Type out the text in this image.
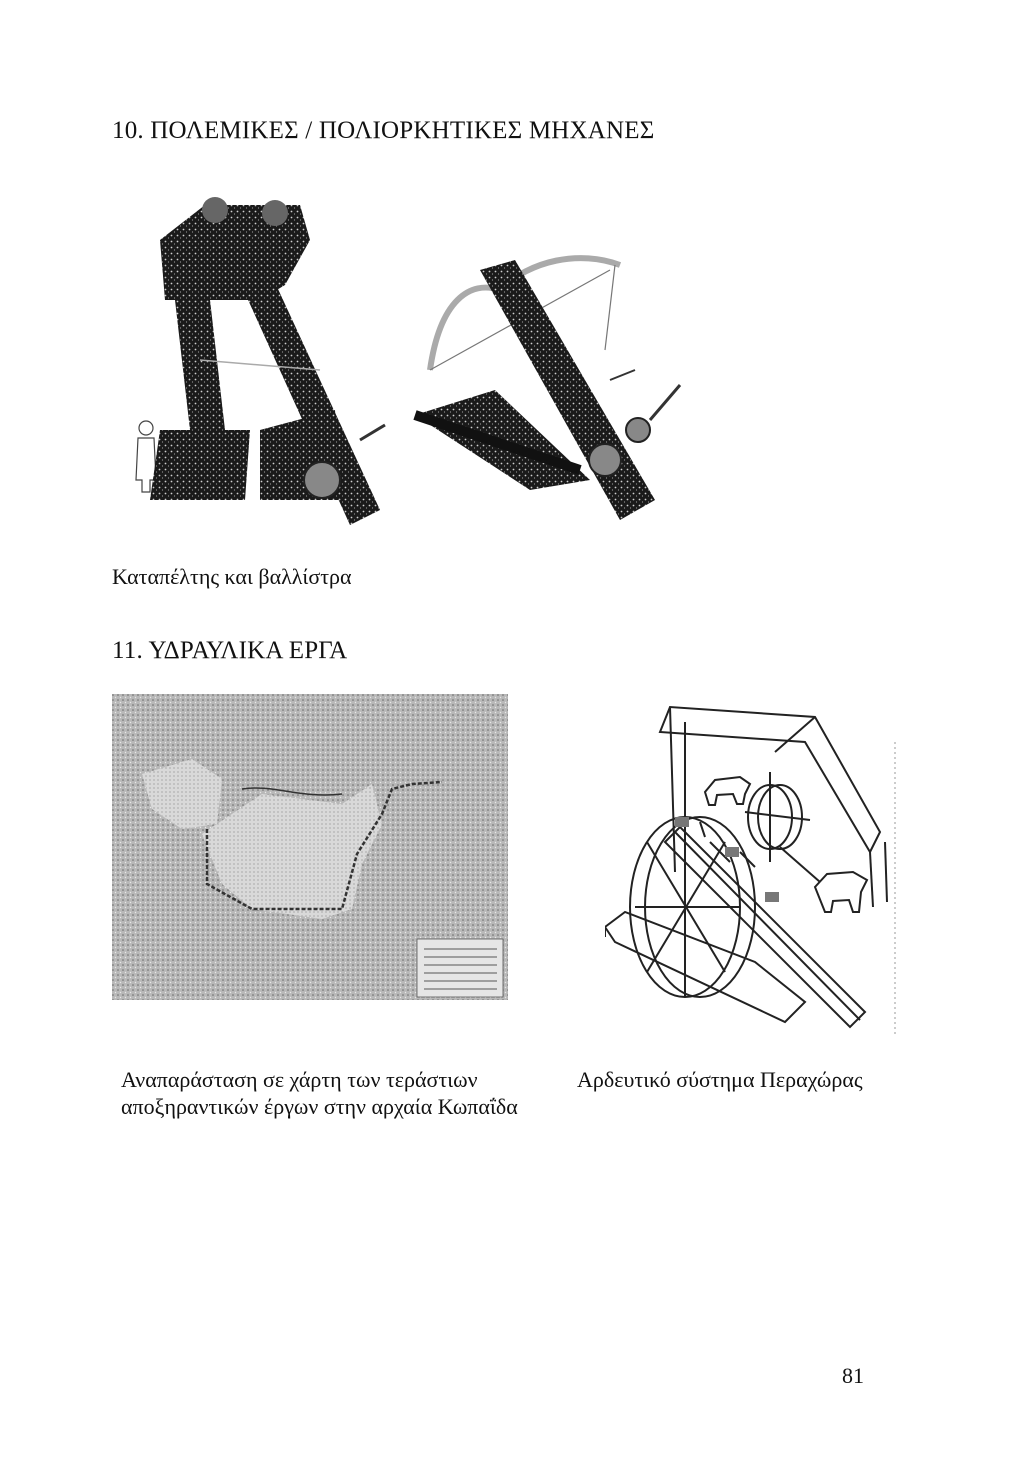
10. ΠΟΛΕΜΙΚΕΣ / ΠΟΛΙΟΡΚΗΤΙΚΕΣ ΜΗΧΑΝΕΣ
Καταπέλτης και βαλλίστρα
11. ΥΔΡΑΥΛΙΚΑ ΕΡΓΑ
Αναπαράσταση σε χάρτη των τεράστιων
αποξηραντικών έργων στην αρχαία Κωπαΐδα
Αρδευτικό σύστημα Περαχώρας
81
